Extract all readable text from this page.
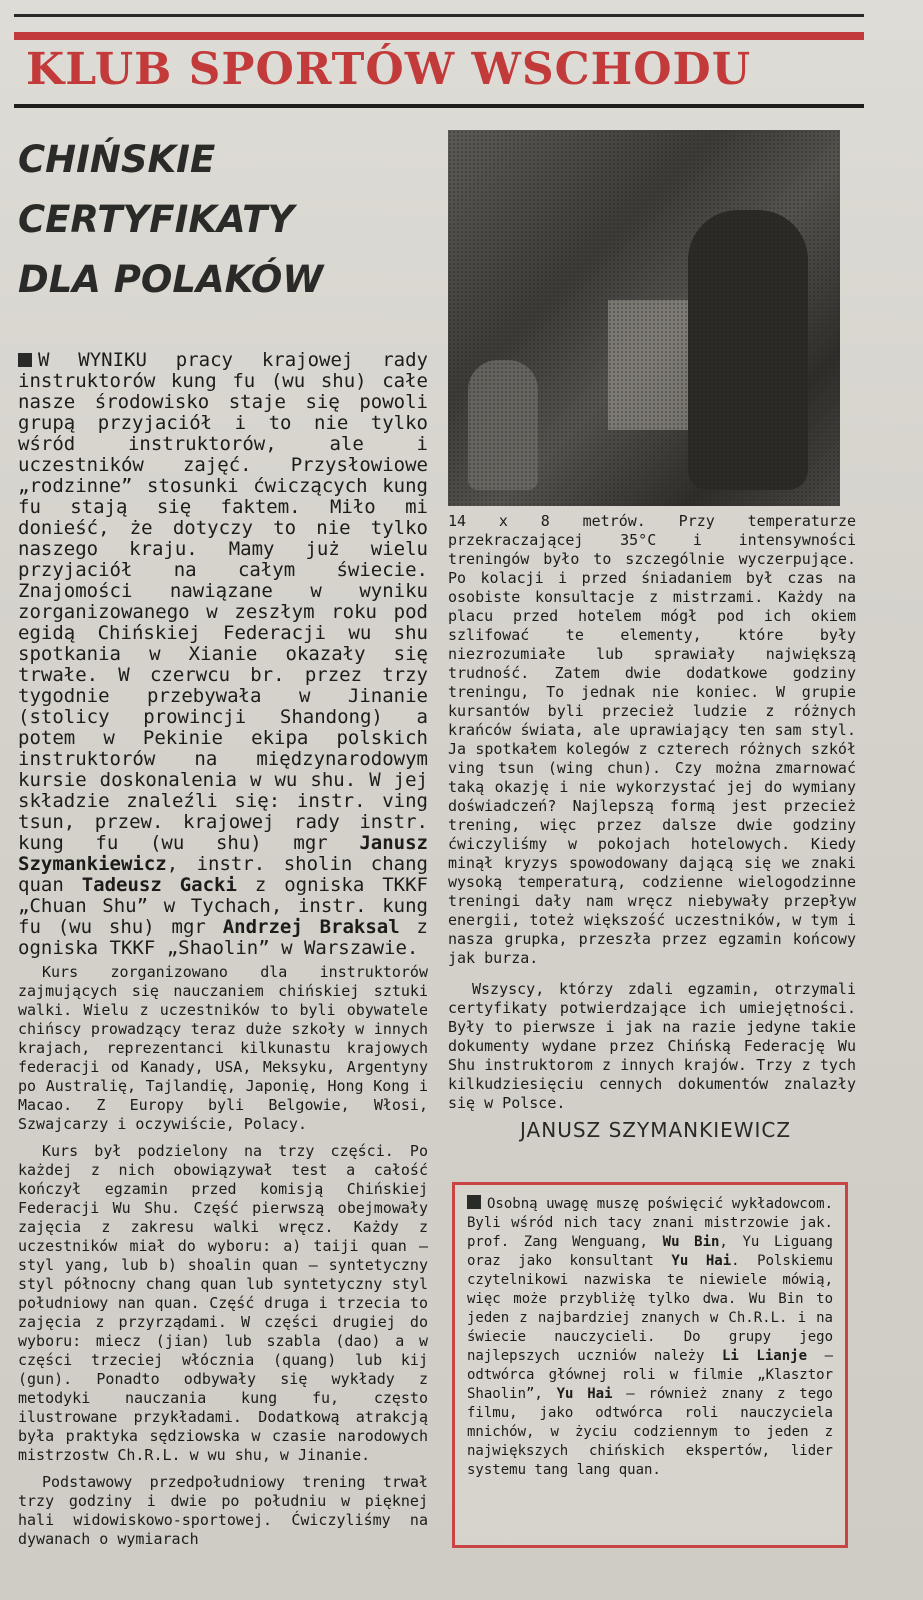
KLUB SPORTÓW WSCHODU
CHIŃSKIE
CERTYFIKATY
DLA POLAKÓW
W WYNIKU pracy krajowej rady instruktorów kung fu (wu shu) całe nasze środowisko staje się powoli grupą przyjaciół i to nie tylko wśród instruktorów, ale i uczestników zajęć. Przysłowiowe „rodzinne” stosunki ćwiczących kung fu stają się faktem. Miło mi donieść, że dotyczy to nie tylko naszego kraju. Mamy już wielu przyjaciół na całym świecie. Znajomości nawiązane w wyniku zorganizowanego w zeszłym roku pod egidą Chińskiej Federacji wu shu spotkania w Xianie okazały się trwałe. W czerwcu br. przez trzy tygodnie przebywała w Jinanie (stolicy prowincji Shandong) a potem w Pekinie ekipa polskich instruktorów na międzynarodowym kursie doskonalenia w wu shu. W jej składzie znaleźli się: instr. ving tsun, przew. krajowej rady instr. kung fu (wu shu) mgr Janusz Szymankiewicz, instr. sholin chang quan Tadeusz Gacki z ogniska TKKF „Chuan Shu” w Tychach, instr. kung fu (wu shu) mgr Andrzej Braksal z ogniska TKKF „Shaolin” w Warszawie.
Kurs zorganizowano dla instruktorów zajmujących się nauczaniem chińskiej sztuki walki. Wielu z uczestników to byli obywatele chińscy prowadzący teraz duże szkoły w innych krajach, reprezentanci kilkunastu krajowych federacji od Kanady, USA, Meksyku, Argentyny po Australię, Tajlandię, Japonię, Hong Kong i Macao. Z Europy byli Belgowie, Włosi, Szwajcarzy i oczywiście, Polacy.
Kurs był podzielony na trzy części. Po każdej z nich obowiązywał test a całość kończył egzamin przed komisją Chińskiej Federacji Wu Shu. Część pierwszą obejmowały zajęcia z zakresu walki wręcz. Każdy z uczestników miał do wyboru: a) taiji quan — styl yang, lub b) shoalin quan — syntetyczny styl północny chang quan lub syntetyczny styl południowy nan quan. Część druga i trzecia to zajęcia z przyrządami. W części drugiej do wyboru: miecz (jian) lub szabla (dao) a w części trzeciej włócznia (quang) lub kij (gun). Ponadto odbywały się wykłady z metodyki nauczania kung fu, często ilustrowane przykładami. Dodatkową atrakcją była praktyka sędziowska w czasie narodowych mistrzostw Ch.R.L. w wu shu, w Jinanie.
Podstawowy przedpołudniowy trening trwał trzy godziny i dwie po południu w pięknej hali widowiskowo-sportowej. Ćwiczyliśmy na dywanach o wymiarach
14 x 8 metrów. Przy temperaturze przekraczającej 35°C i intensywności treningów było to szczególnie wyczerpujące. Po kolacji i przed śniadaniem był czas na osobiste konsultacje z mistrzami. Każdy na placu przed hotelem mógł pod ich okiem szlifować te elementy, które były niezrozumiałe lub sprawiały największą trudność. Zatem dwie dodatkowe godziny treningu, To jednak nie koniec. W grupie kursantów byli przecież ludzie z różnych krańców świata, ale uprawiający ten sam styl. Ja spotkałem kolegów z czterech różnych szkół ving tsun (wing chun). Czy można zmarnować taką okazję i nie wykorzystać jej do wymiany doświadczeń? Najlepszą formą jest przecież trening, więc przez dalsze dwie godziny ćwiczyliśmy w pokojach hotelowych. Kiedy minął kryzys spowodowany dającą się we znaki wysoką temperaturą, codzienne wielogodzinne treningi dały nam wręcz niebywały przepływ energii, toteż większość uczestników, w tym i nasza grupka, przeszła przez egzamin końcowy jak burza.
Wszyscy, którzy zdali egzamin, otrzymali certyfikaty potwierdzające ich umiejętności. Były to pierwsze i jak na razie jedyne takie dokumenty wydane przez Chińską Federację Wu Shu instruktorom z innych krajów. Trzy z tych kilkudziesięciu cennych dokumentów znalazły się w Polsce.
JANUSZ SZYMANKIEWICZ
Osobną uwagę muszę poświęcić wykładowcom. Byli wśród nich tacy znani mistrzowie jak. prof. Zang Wenguang, Wu Bin, Yu Liguang oraz jako konsultant Yu Hai. Polskiemu czytelnikowi nazwiska te niewiele mówią, więc może przybliżę tylko dwa. Wu Bin to jeden z najbardziej znanych w Ch.R.L. i na świecie nauczycieli. Do grupy jego najlepszych uczniów należy Li Lianje — odtwórca głównej roli w filmie „Klasztor Shaolin”, Yu Hai — również znany z tego filmu, jako odtwórca roli nauczyciela mnichów, w życiu codziennym to jeden z największych chińskich ekspertów, lider systemu tang lang quan.
